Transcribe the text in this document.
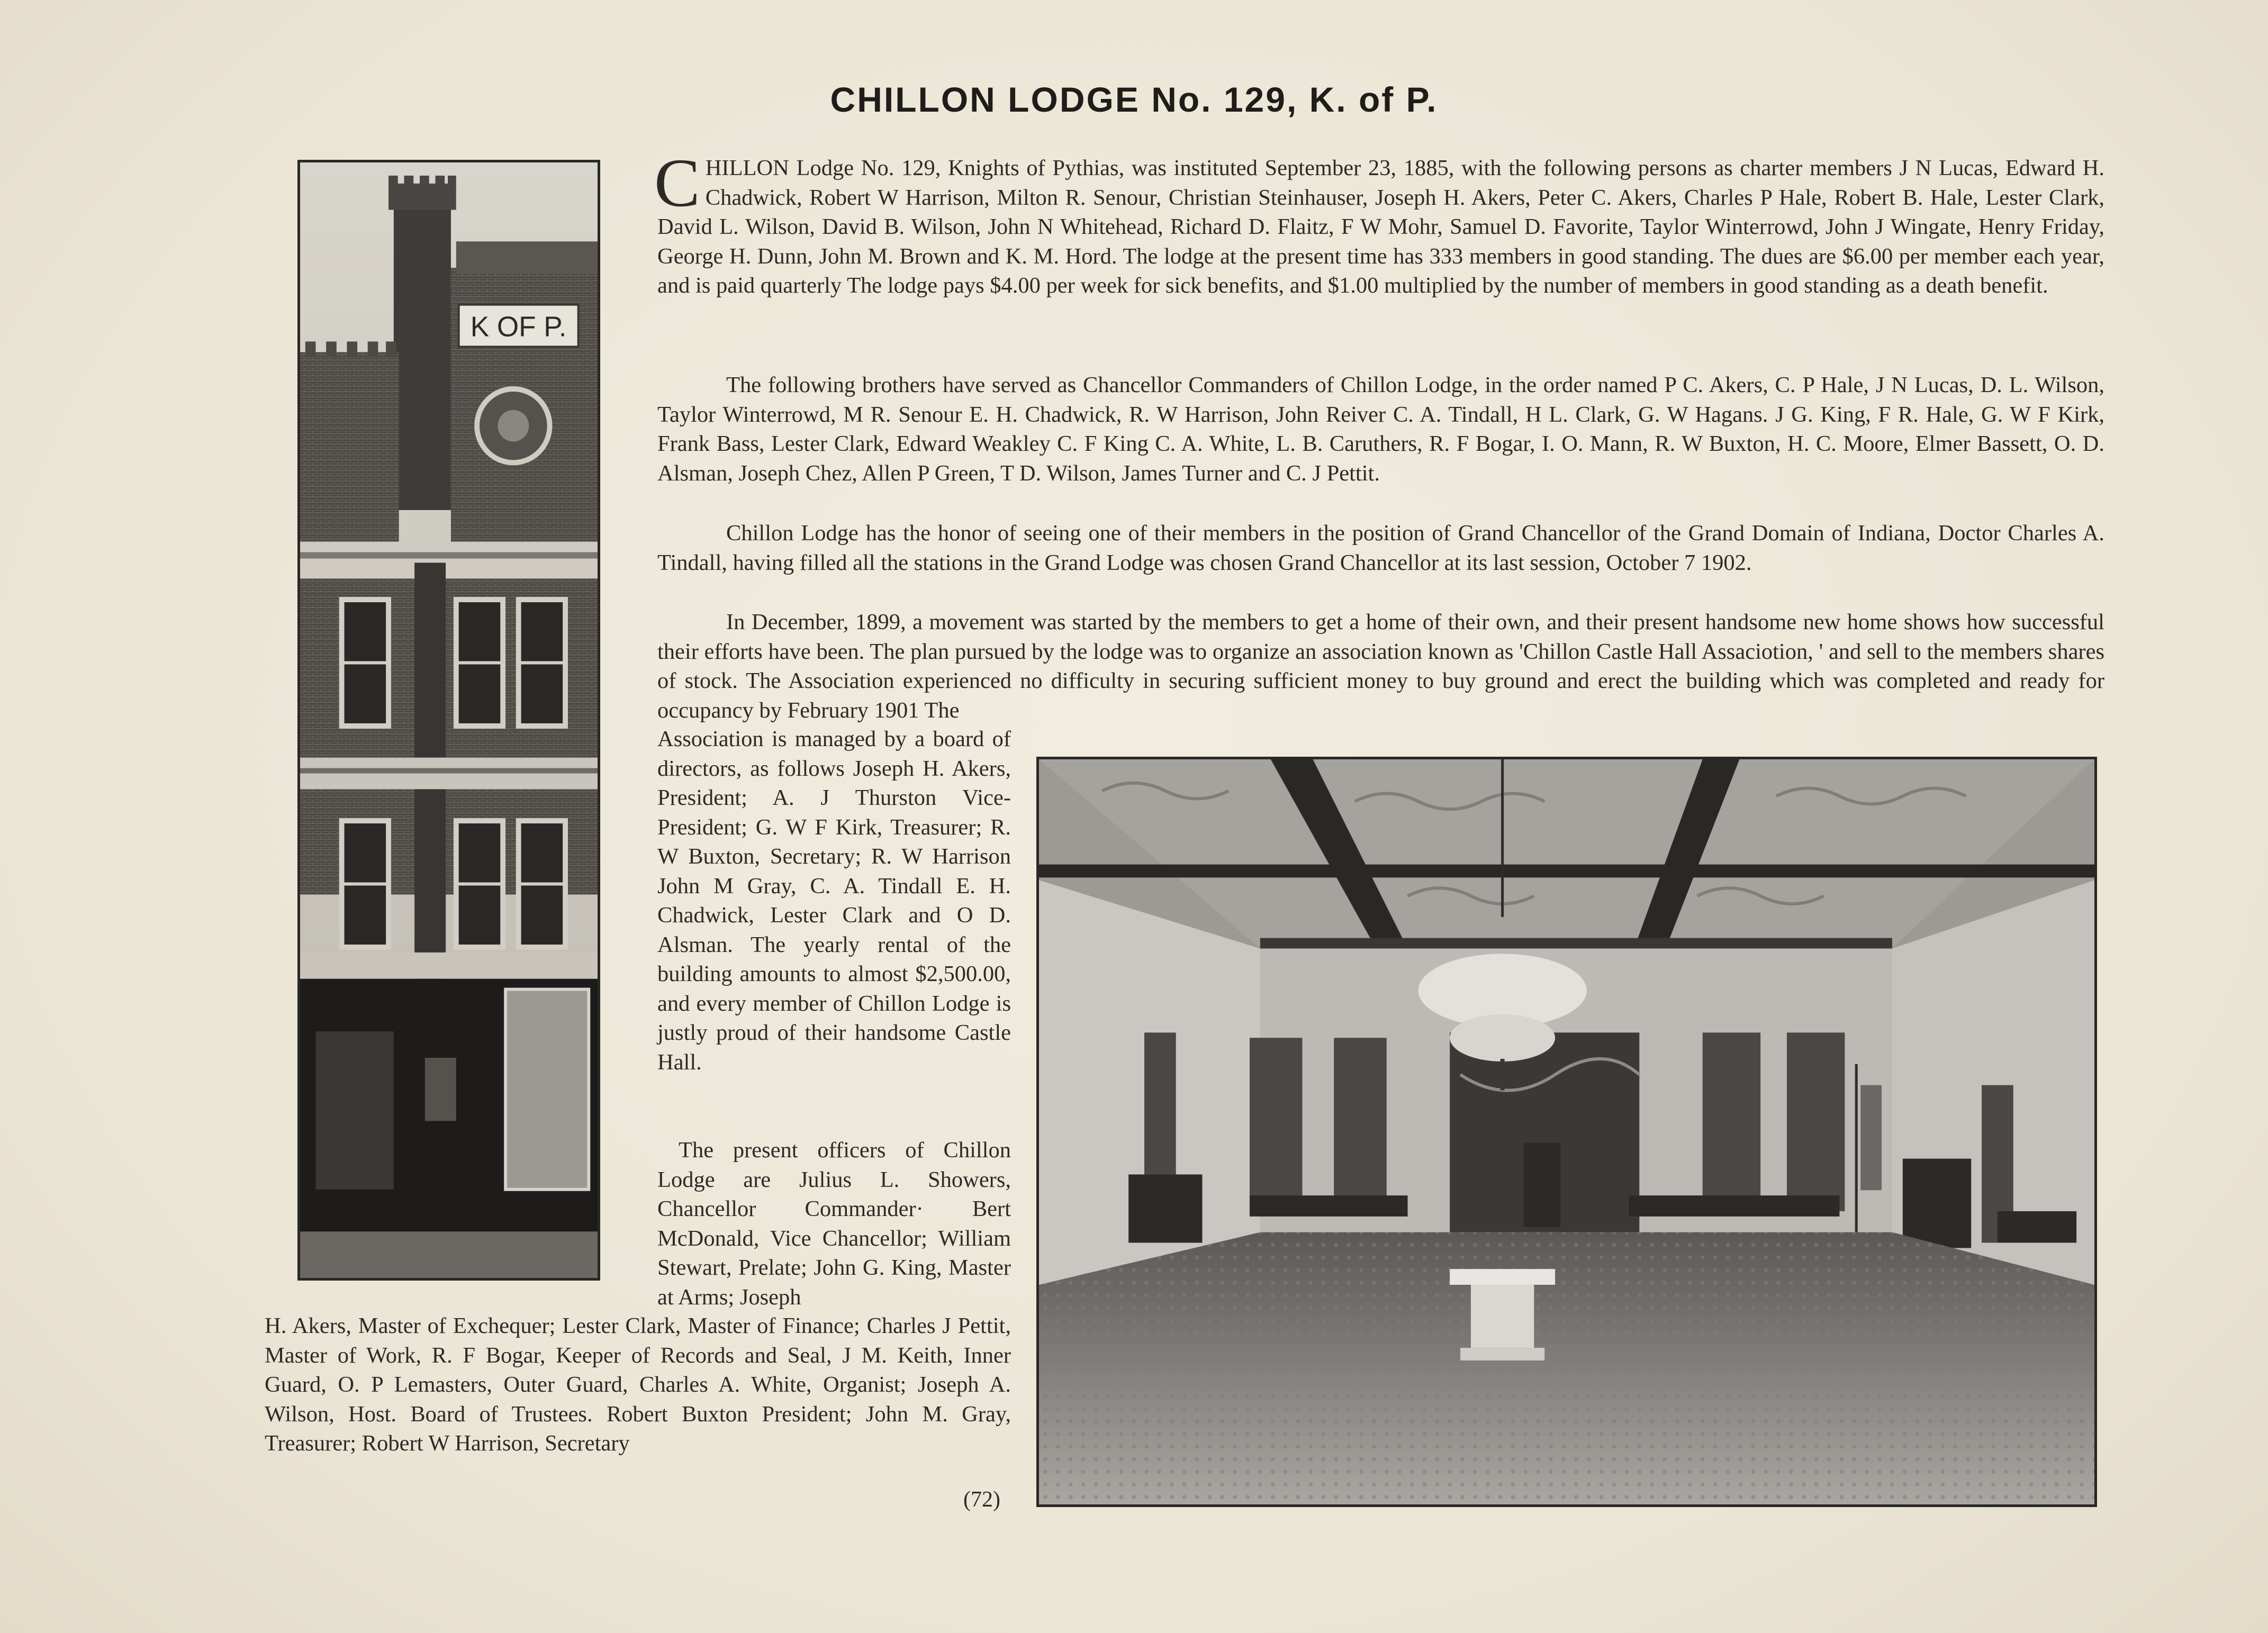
CHILLON LODGE No. 129, K. of P.
K OF P.

CHILLON Lodge No. 129, Knights of Pythias, was instituted September 23, 1885, with the following persons as charter members J N Lucas, Edward H. Chadwick, Robert W Harrison, Milton R. Senour, Christian Steinhauser, Joseph H. Akers, Peter C. Akers, Charles P Hale, Robert B. Hale, Lester Clark, David L. Wilson, David B. Wilson, John N Whitehead, Richard D. Flaitz, F W Mohr, Samuel D. Favorite, Taylor Winterrowd, John J Wingate, Henry Friday, George H. Dunn, John M. Brown and K. M. Hord. The lodge at the present time has 333 members in good standing. The dues are $6.00 per member each year, and is paid quarterly The lodge pays $4.00 per week for sick benefits, and $1.00 multiplied by the number of members in good standing as a death benefit.

The following brothers have served as Chancellor Commanders of Chillon Lodge, in the order named P C. Akers, C. P Hale, J N Lucas, D. L. Wilson, Taylor Winterrowd, M R. Senour E. H. Chadwick, R. W Harrison, John Reiver C. A. Tindall, H L. Clark, G. W Hagans. J G. King, F R. Hale, G. W F Kirk, Frank Bass, Lester Clark, Edward Weakley C. F King C. A. White, L. B. Caruthers, R. F Bogar, I. O. Mann, R. W Buxton, H. C. Moore, Elmer Bassett, O. D. Alsman, Joseph Chez, Allen P Green, T D. Wilson, James Turner and C. J Pettit.

Chillon Lodge has the honor of seeing one of their members in the position of Grand Chancellor of the Grand Domain of Indiana, Doctor Charles A. Tindall, having filled all the stations in the Grand Lodge was chosen Grand Chancellor at its last session, October 7 1902.

In December, 1899, a movement was started by the members to get a home of their own, and their present handsome new home shows how successful their efforts have been. The plan pursued by the lodge was to organize an association known as 'Chillon Castle Hall Assaciotion, ' and sell to the members shares of stock. The Association experienced no difficulty in securing sufficient money to buy ground and erect the building which was completed and ready for occupancy by February 1901 The

Association is managed by a board of directors, as follows Joseph H. Akers, President; A. J Thurston Vice-President; G. W F Kirk, Treasurer; R. W Buxton, Secretary; R. W Harrison John M Gray, C. A. Tindall E. H. Chadwick, Lester Clark and O D. Alsman. The yearly rental of the building amounts to almost $2,500.00, and every member of Chillon Lodge is justly proud of their handsome Castle Hall.

The present officers of Chillon Lodge are Julius L. Showers, Chancellor Commander· Bert McDonald, Vice Chancellor; William Stewart, Prelate; John G. King, Master at Arms; Joseph

H. Akers, Master of Exchequer; Lester Clark, Master of Finance; Charles J Pettit, Master of Work, R. F Bogar, Keeper of Records and Seal, J M. Keith, Inner Guard, O. P Lemasters, Outer Guard, Charles A. White, Organist; Joseph A. Wilson, Host. Board of Trustees. Robert Buxton President; John M. Gray, Treasurer; Robert W Harrison, Secretary

(72)
